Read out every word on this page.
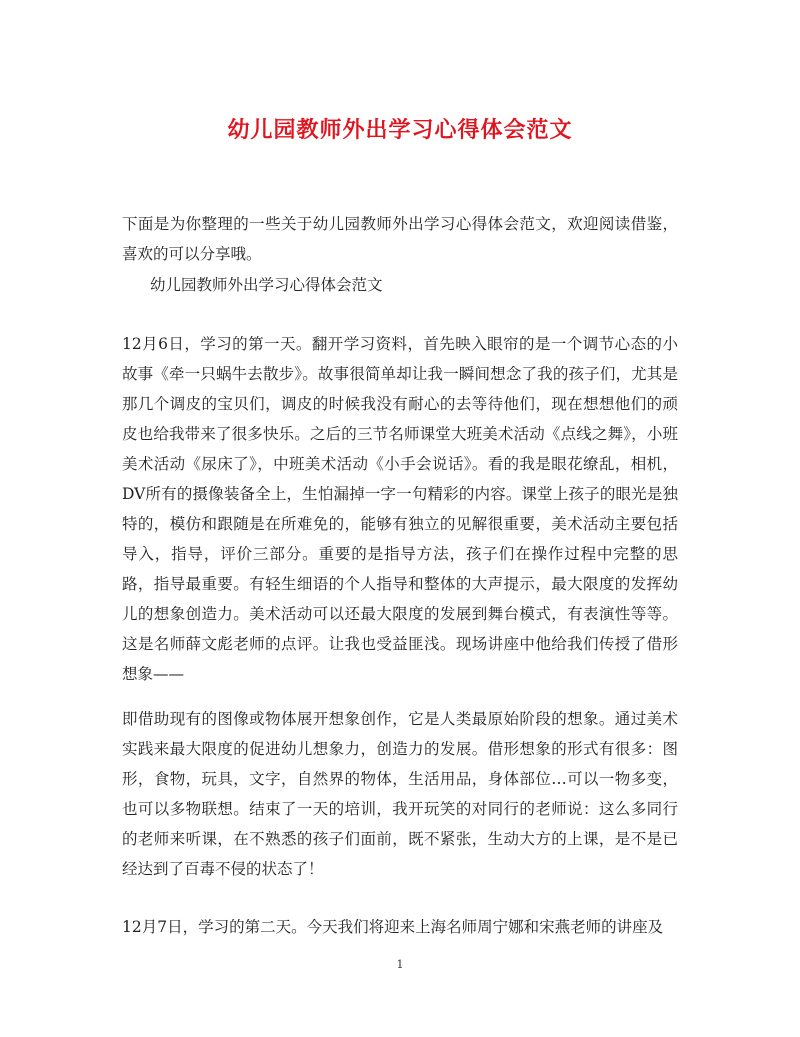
幼儿园教师外出学习心得体会范文

下面是为你整理的一些关于幼儿园教师外出学习心得体会范文，欢迎阅读借鉴，喜欢的可以分享哦。

幼儿园教师外出学习心得体会范文

12月6日，学习的第一天。翻开学习资料，首先映入眼帘的是一个调节心态的小故事《牵一只蜗牛去散步》。故事很简单却让我一瞬间想念了我的孩子们，尤其是那几个调皮的宝贝们，调皮的时候我没有耐心的去等待他们，现在想想他们的顽皮也给我带来了很多快乐。之后的三节名师课堂大班美术活动《点线之舞》，小班美术活动《尿床了》，中班美术活动《小手会说话》。看的我是眼花缭乱，相机，DV所有的摄像装备全上，生怕漏掉一字一句精彩的内容。课堂上孩子的眼光是独特的，模仿和跟随是在所难免的，能够有独立的见解很重要，美术活动主要包括导入，指导，评价三部分。重要的是指导方法，孩子们在操作过程中完整的思路，指导最重要。有轻生细语的个人指导和整体的大声提示，最大限度的发挥幼儿的想象创造力。美术活动可以还最大限度的发展到舞台模式，有表演性等等。这是名师薛文彪老师的点评。让我也受益匪浅。现场讲座中他给我们传授了借形想象——

即借助现有的图像或物体展开想象创作，它是人类最原始阶段的想象。通过美术实践来最大限度的促进幼儿想象力，创造力的发展。借形想象的形式有很多：图形，食物，玩具，文字，自然界的物体，生活用品，身体部位…可以一物多变，也可以多物联想。结束了一天的培训，我开玩笑的对同行的老师说：这么多同行的老师来听课，在不熟悉的孩子们面前，既不紧张，生动大方的上课，是不是已经达到了百毒不侵的状态了！

12月7日，学习的第二天。今天我们将迎来上海名师周宁娜和宋燕老师的讲座及

1
